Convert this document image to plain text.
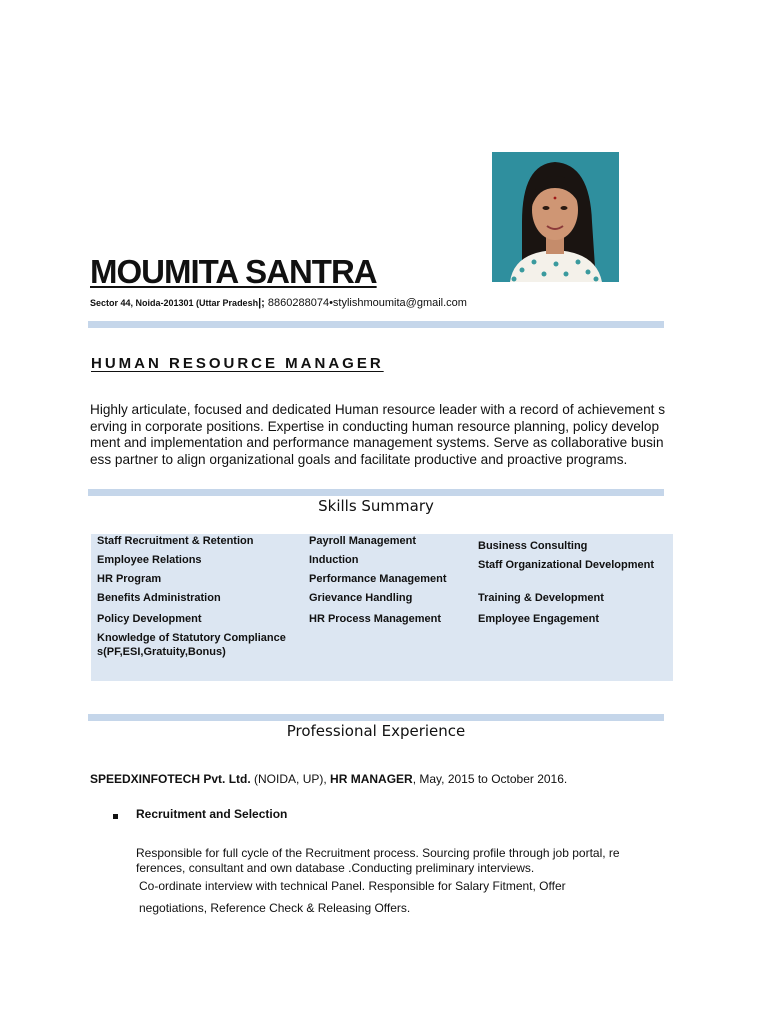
MOUMITA SANTRA
Sector 44, Noida-201301 (Uttar Pradesh|; 8860288074•stylishmoumita@gmail.com
HUMAN RESOURCE MANAGER
Highly articulate, focused and dedicated Human resource leader with a record of achievement serving in corporate positions. Expertise in conducting human resource planning, policy development and implementation and performance management systems. Serve as collaborative business partner to align organizational goals and facilitate productive and proactive programs.
Skills Summary
Staff Recruitment & Retention
Employee Relations
HR Program
Benefits Administration
Policy Development
Knowledge of Statutory Compliance s(PF,ESI,Gratuity,Bonus)
Payroll Management
Induction
Performance Management
Grievance Handling
HR Process Management
Business Consulting
Staff Organizational Development
Training & Development
Employee Engagement
Professional Experience
SPEEDXINFOTECH Pvt. Ltd. (NOIDA, UP), HR MANAGER, May, 2015 to October 2016.
Recruitment and Selection
Responsible for full cycle of the Recruitment process. Sourcing profile through job portal, re
ferences, consultant and own database .Conducting preliminary interviews.
Co-ordinate interview with technical Panel. Responsible for Salary Fitment, Offer
negotiations, Reference Check & Releasing Offers.
